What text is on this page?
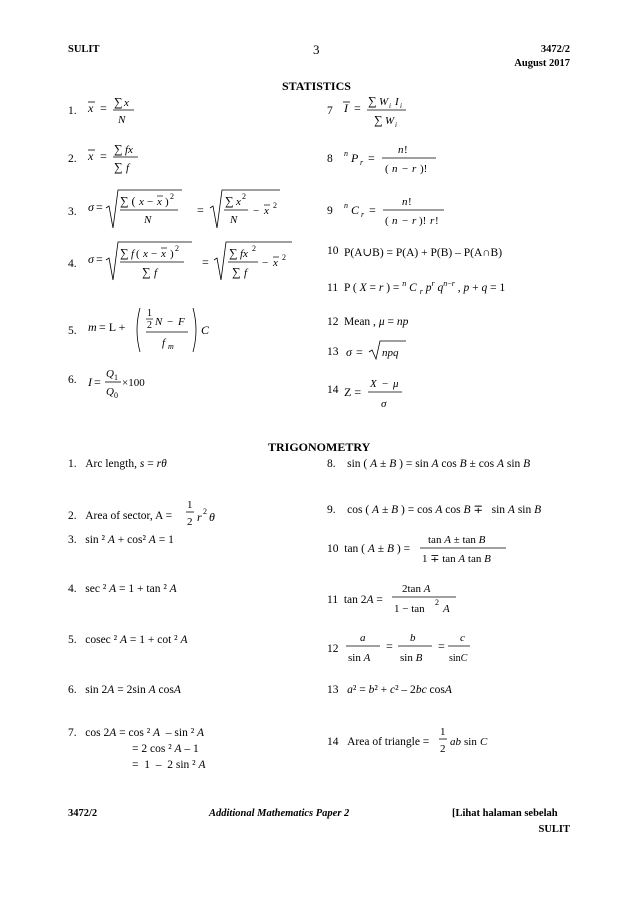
SULIT	3	3472/2
August 2017
STATISTICS
1. x = ∑ x
N
2. x = ∑ fx
∑ f
3. σ = ∑ ( x − x ) 2
N
=
∑ x 2
N
− x 2
4. σ = ∑ f ( x − x ) 2
∑ f
=
∑ fx 2
∑ f
− x 2
5. m = L +
1
2 N − F
f m
C
6. I =
Q 1
Q 0
×100
7 I = ∑ W i I i
∑ W i
8 n P r =
n !
( n − r )!
9 n C r =
n !
( n − r )! r !
10 P(A∪B) = P(A) + P(B) – P(A∩B)
11 P ( X = r ) = $^n$ C $_r$ $p^r$ $q^{n-r}$ , p + q = 1
12 Mean , μ = np
13 σ = npq
14 Z =
X − μ
σ
TRIGONOMETRY
1.   Arc length, s = rθ
2.   Area of sector, A =
1
2 r 2 θ
3.   sin ² A + cos² A = 1
4.   sec ² A = 1 + tan ² A
5.   cosec ² A = 1 + cot ² A
6.   sin 2A = 2sin A cosA
7.   cos 2A = cos ² A  – sin ² A
= 2 cos ² A – 1
=  1  –  2 sin ² A
8.    sin ( A ± B ) = sin A cos B ± cos A sin B
9.    cos ( A ± B ) = cos A cos B ∓   sin A sin B
10  tan ( A ± B ) =
tan A ± tan B
1 ∓ tan A tan B
11  tan 2A =
2tan A
1 − tan
2
A
12
a
sin A
=
b
sin B
=
c
sinC
13   a² = b² + c² – 2bc cosA
14   Area of triangle =
1
2
ab sin C
3472/2	Additional Mathematics Paper 2	[Lihat halaman sebelah
SULIT
